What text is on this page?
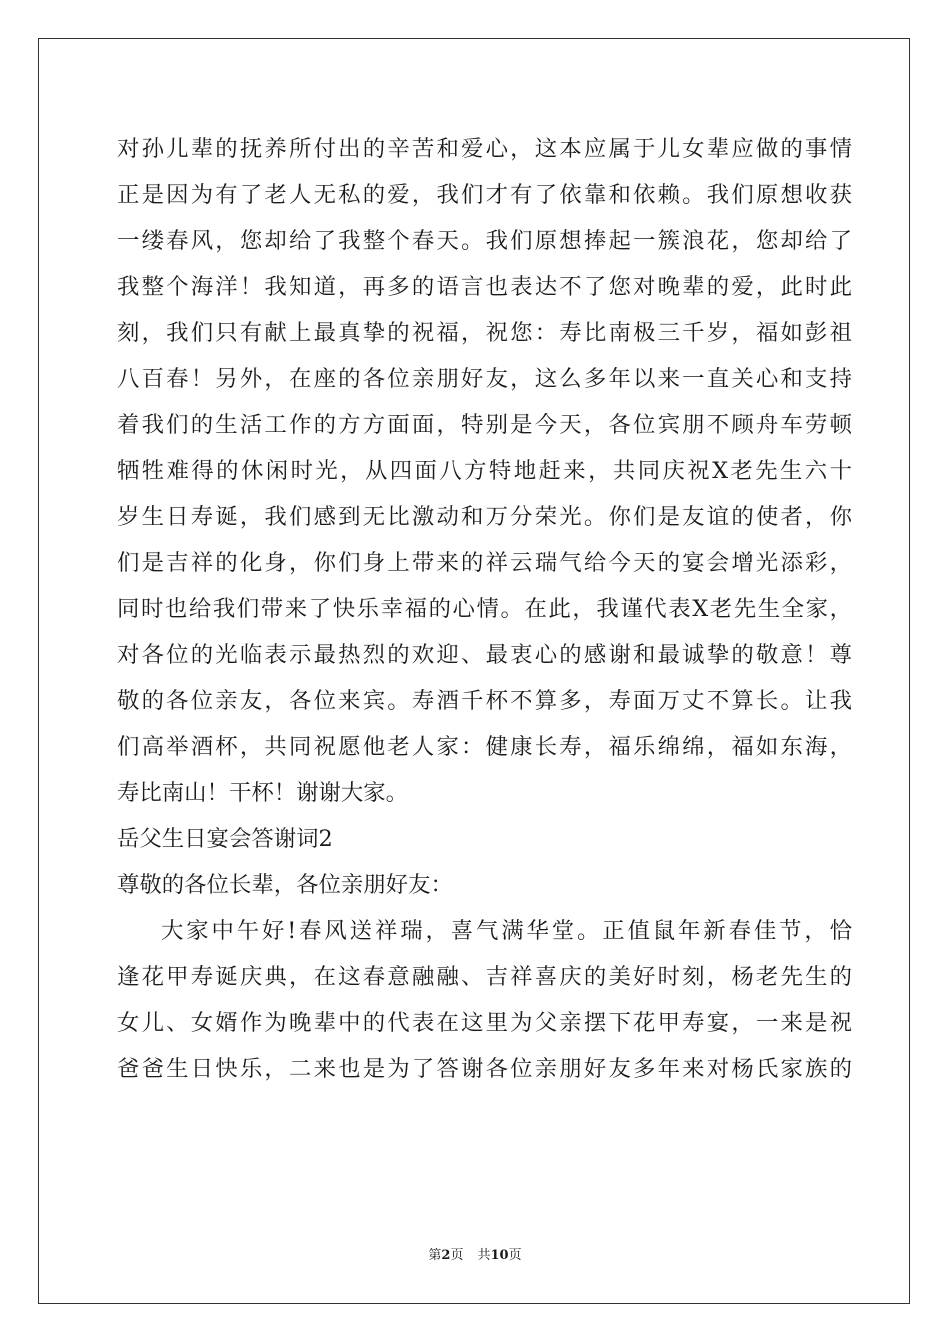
对孙儿辈的抚养所付出的辛苦和爱心，这本应属于儿女辈应做的事情
正是因为有了老人无私的爱，我们才有了依靠和依赖。我们原想收获
一缕春风，您却给了我整个春天。我们原想捧起一簇浪花，您却给了
我整个海洋！我知道，再多的语言也表达不了您对晚辈的爱，此时此
刻，我们只有献上最真挚的祝福，祝您：寿比南极三千岁，福如彭祖
八百春！另外，在座的各位亲朋好友，这么多年以来一直关心和支持
着我们的生活工作的方方面面，特别是今天，各位宾朋不顾舟车劳顿
牺牲难得的休闲时光，从四面八方特地赶来，共同庆祝X老先生六十
岁生日寿诞，我们感到无比激动和万分荣光。你们是友谊的使者，你
们是吉祥的化身，你们身上带来的祥云瑞气给今天的宴会增光添彩，
同时也给我们带来了快乐幸福的心情。在此，我谨代表X老先生全家，
对各位的光临表示最热烈的欢迎、最衷心的感谢和最诚挚的敬意！尊
敬的各位亲友，各位来宾。寿酒千杯不算多，寿面万丈不算长。让我
们高举酒杯，共同祝愿他老人家：健康长寿，福乐绵绵，福如东海，
寿比南山！干杯！谢谢大家。
岳父生日宴会答谢词2
尊敬的各位长辈，各位亲朋好友：
大家中午好!春风送祥瑞，喜气满华堂。正值鼠年新春佳节，恰
逢花甲寿诞庆典，在这春意融融、吉祥喜庆的美好时刻，杨老先生的
女儿、女婿作为晚辈中的代表在这里为父亲摆下花甲寿宴，一来是祝
爸爸生日快乐，二来也是为了答谢各位亲朋好友多年来对杨氏家族的
第2页 共10页
